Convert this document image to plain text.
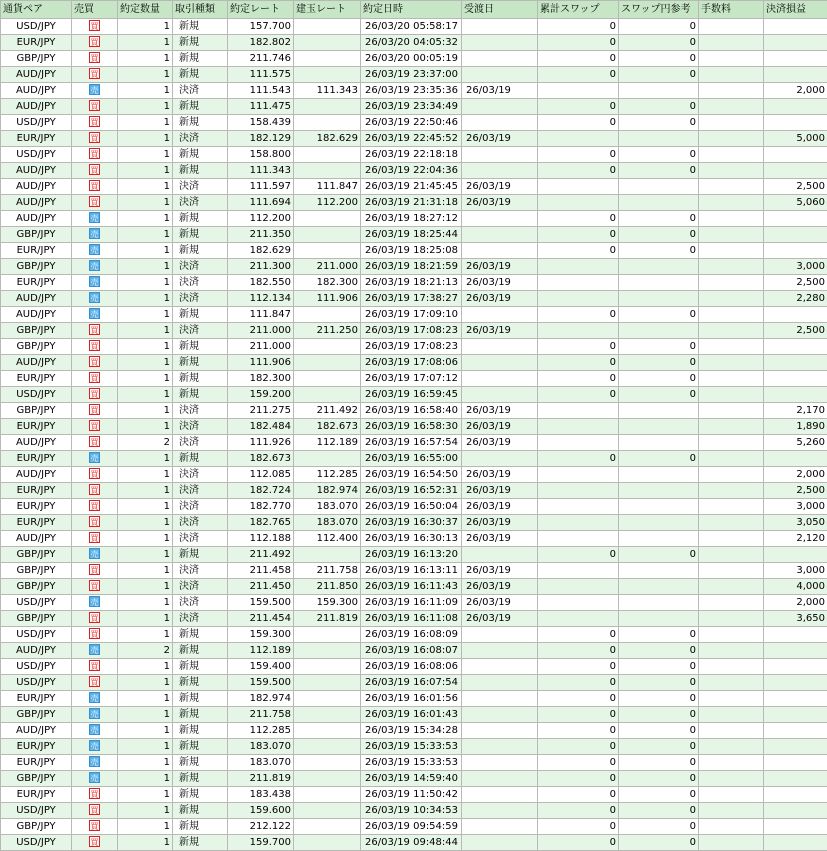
通貨ペア	売買	約定数量	取引種類	約定レート	建玉レート	約定日時	受渡日	累計スワップ	スワップ円参考	手数料	決済損益
USD/JPY	買	1	新規	157.700		26/03/20 05:58:17		0	0		
EUR/JPY	買	1	新規	182.802		26/03/20 04:05:32		0	0		
GBP/JPY	買	1	新規	211.746		26/03/20 00:05:19		0	0		
AUD/JPY	買	1	新規	111.575		26/03/19 23:37:00		0	0		
AUD/JPY	売	1	決済	111.543	111.343	26/03/19 23:35:36	26/03/19				2,000
AUD/JPY	買	1	新規	111.475		26/03/19 23:34:49		0	0		
USD/JPY	買	1	新規	158.439		26/03/19 22:50:46		0	0		
EUR/JPY	買	1	決済	182.129	182.629	26/03/19 22:45:52	26/03/19				5,000
USD/JPY	買	1	新規	158.800		26/03/19 22:18:18		0	0		
AUD/JPY	買	1	新規	111.343		26/03/19 22:04:36		0	0		
AUD/JPY	買	1	決済	111.597	111.847	26/03/19 21:45:45	26/03/19				2,500
AUD/JPY	買	1	決済	111.694	112.200	26/03/19 21:31:18	26/03/19				5,060
AUD/JPY	売	1	新規	112.200		26/03/19 18:27:12		0	0		
GBP/JPY	売	1	新規	211.350		26/03/19 18:25:44		0	0		
EUR/JPY	売	1	新規	182.629		26/03/19 18:25:08		0	0		
GBP/JPY	売	1	決済	211.300	211.000	26/03/19 18:21:59	26/03/19				3,000
EUR/JPY	売	1	決済	182.550	182.300	26/03/19 18:21:13	26/03/19				2,500
AUD/JPY	売	1	決済	112.134	111.906	26/03/19 17:38:27	26/03/19				2,280
AUD/JPY	売	1	新規	111.847		26/03/19 17:09:10		0	0		
GBP/JPY	買	1	決済	211.000	211.250	26/03/19 17:08:23	26/03/19				2,500
GBP/JPY	買	1	新規	211.000		26/03/19 17:08:23		0	0		
AUD/JPY	買	1	新規	111.906		26/03/19 17:08:06		0	0		
EUR/JPY	買	1	新規	182.300		26/03/19 17:07:12		0	0		
USD/JPY	買	1	新規	159.200		26/03/19 16:59:45		0	0		
GBP/JPY	買	1	決済	211.275	211.492	26/03/19 16:58:40	26/03/19				2,170
EUR/JPY	買	1	決済	182.484	182.673	26/03/19 16:58:30	26/03/19				1,890
AUD/JPY	買	2	決済	111.926	112.189	26/03/19 16:57:54	26/03/19				5,260
EUR/JPY	売	1	新規	182.673		26/03/19 16:55:00		0	0		
AUD/JPY	買	1	決済	112.085	112.285	26/03/19 16:54:50	26/03/19				2,000
EUR/JPY	買	1	決済	182.724	182.974	26/03/19 16:52:31	26/03/19				2,500
EUR/JPY	買	1	決済	182.770	183.070	26/03/19 16:50:04	26/03/19				3,000
EUR/JPY	買	1	決済	182.765	183.070	26/03/19 16:30:37	26/03/19				3,050
AUD/JPY	買	1	決済	112.188	112.400	26/03/19 16:30:13	26/03/19				2,120
GBP/JPY	売	1	新規	211.492		26/03/19 16:13:20		0	0		
GBP/JPY	買	1	決済	211.458	211.758	26/03/19 16:13:11	26/03/19				3,000
GBP/JPY	買	1	決済	211.450	211.850	26/03/19 16:11:43	26/03/19				4,000
USD/JPY	売	1	決済	159.500	159.300	26/03/19 16:11:09	26/03/19				2,000
GBP/JPY	買	1	決済	211.454	211.819	26/03/19 16:11:08	26/03/19				3,650
USD/JPY	買	1	新規	159.300		26/03/19 16:08:09		0	0		
AUD/JPY	売	2	新規	112.189		26/03/19 16:08:07		0	0		
USD/JPY	買	1	新規	159.400		26/03/19 16:08:06		0	0		
USD/JPY	買	1	新規	159.500		26/03/19 16:07:54		0	0		
EUR/JPY	売	1	新規	182.974		26/03/19 16:01:56		0	0		
GBP/JPY	売	1	新規	211.758		26/03/19 16:01:43		0	0		
AUD/JPY	売	1	新規	112.285		26/03/19 15:34:28		0	0		
EUR/JPY	売	1	新規	183.070		26/03/19 15:33:53		0	0		
EUR/JPY	売	1	新規	183.070		26/03/19 15:33:53		0	0		
GBP/JPY	売	1	新規	211.819		26/03/19 14:59:40		0	0		
EUR/JPY	買	1	新規	183.438		26/03/19 11:50:42		0	0		
USD/JPY	買	1	新規	159.600		26/03/19 10:34:53		0	0		
GBP/JPY	買	1	新規	212.122		26/03/19 09:54:59		0	0		
USD/JPY	買	1	新規	159.700		26/03/19 09:48:44		0	0		
